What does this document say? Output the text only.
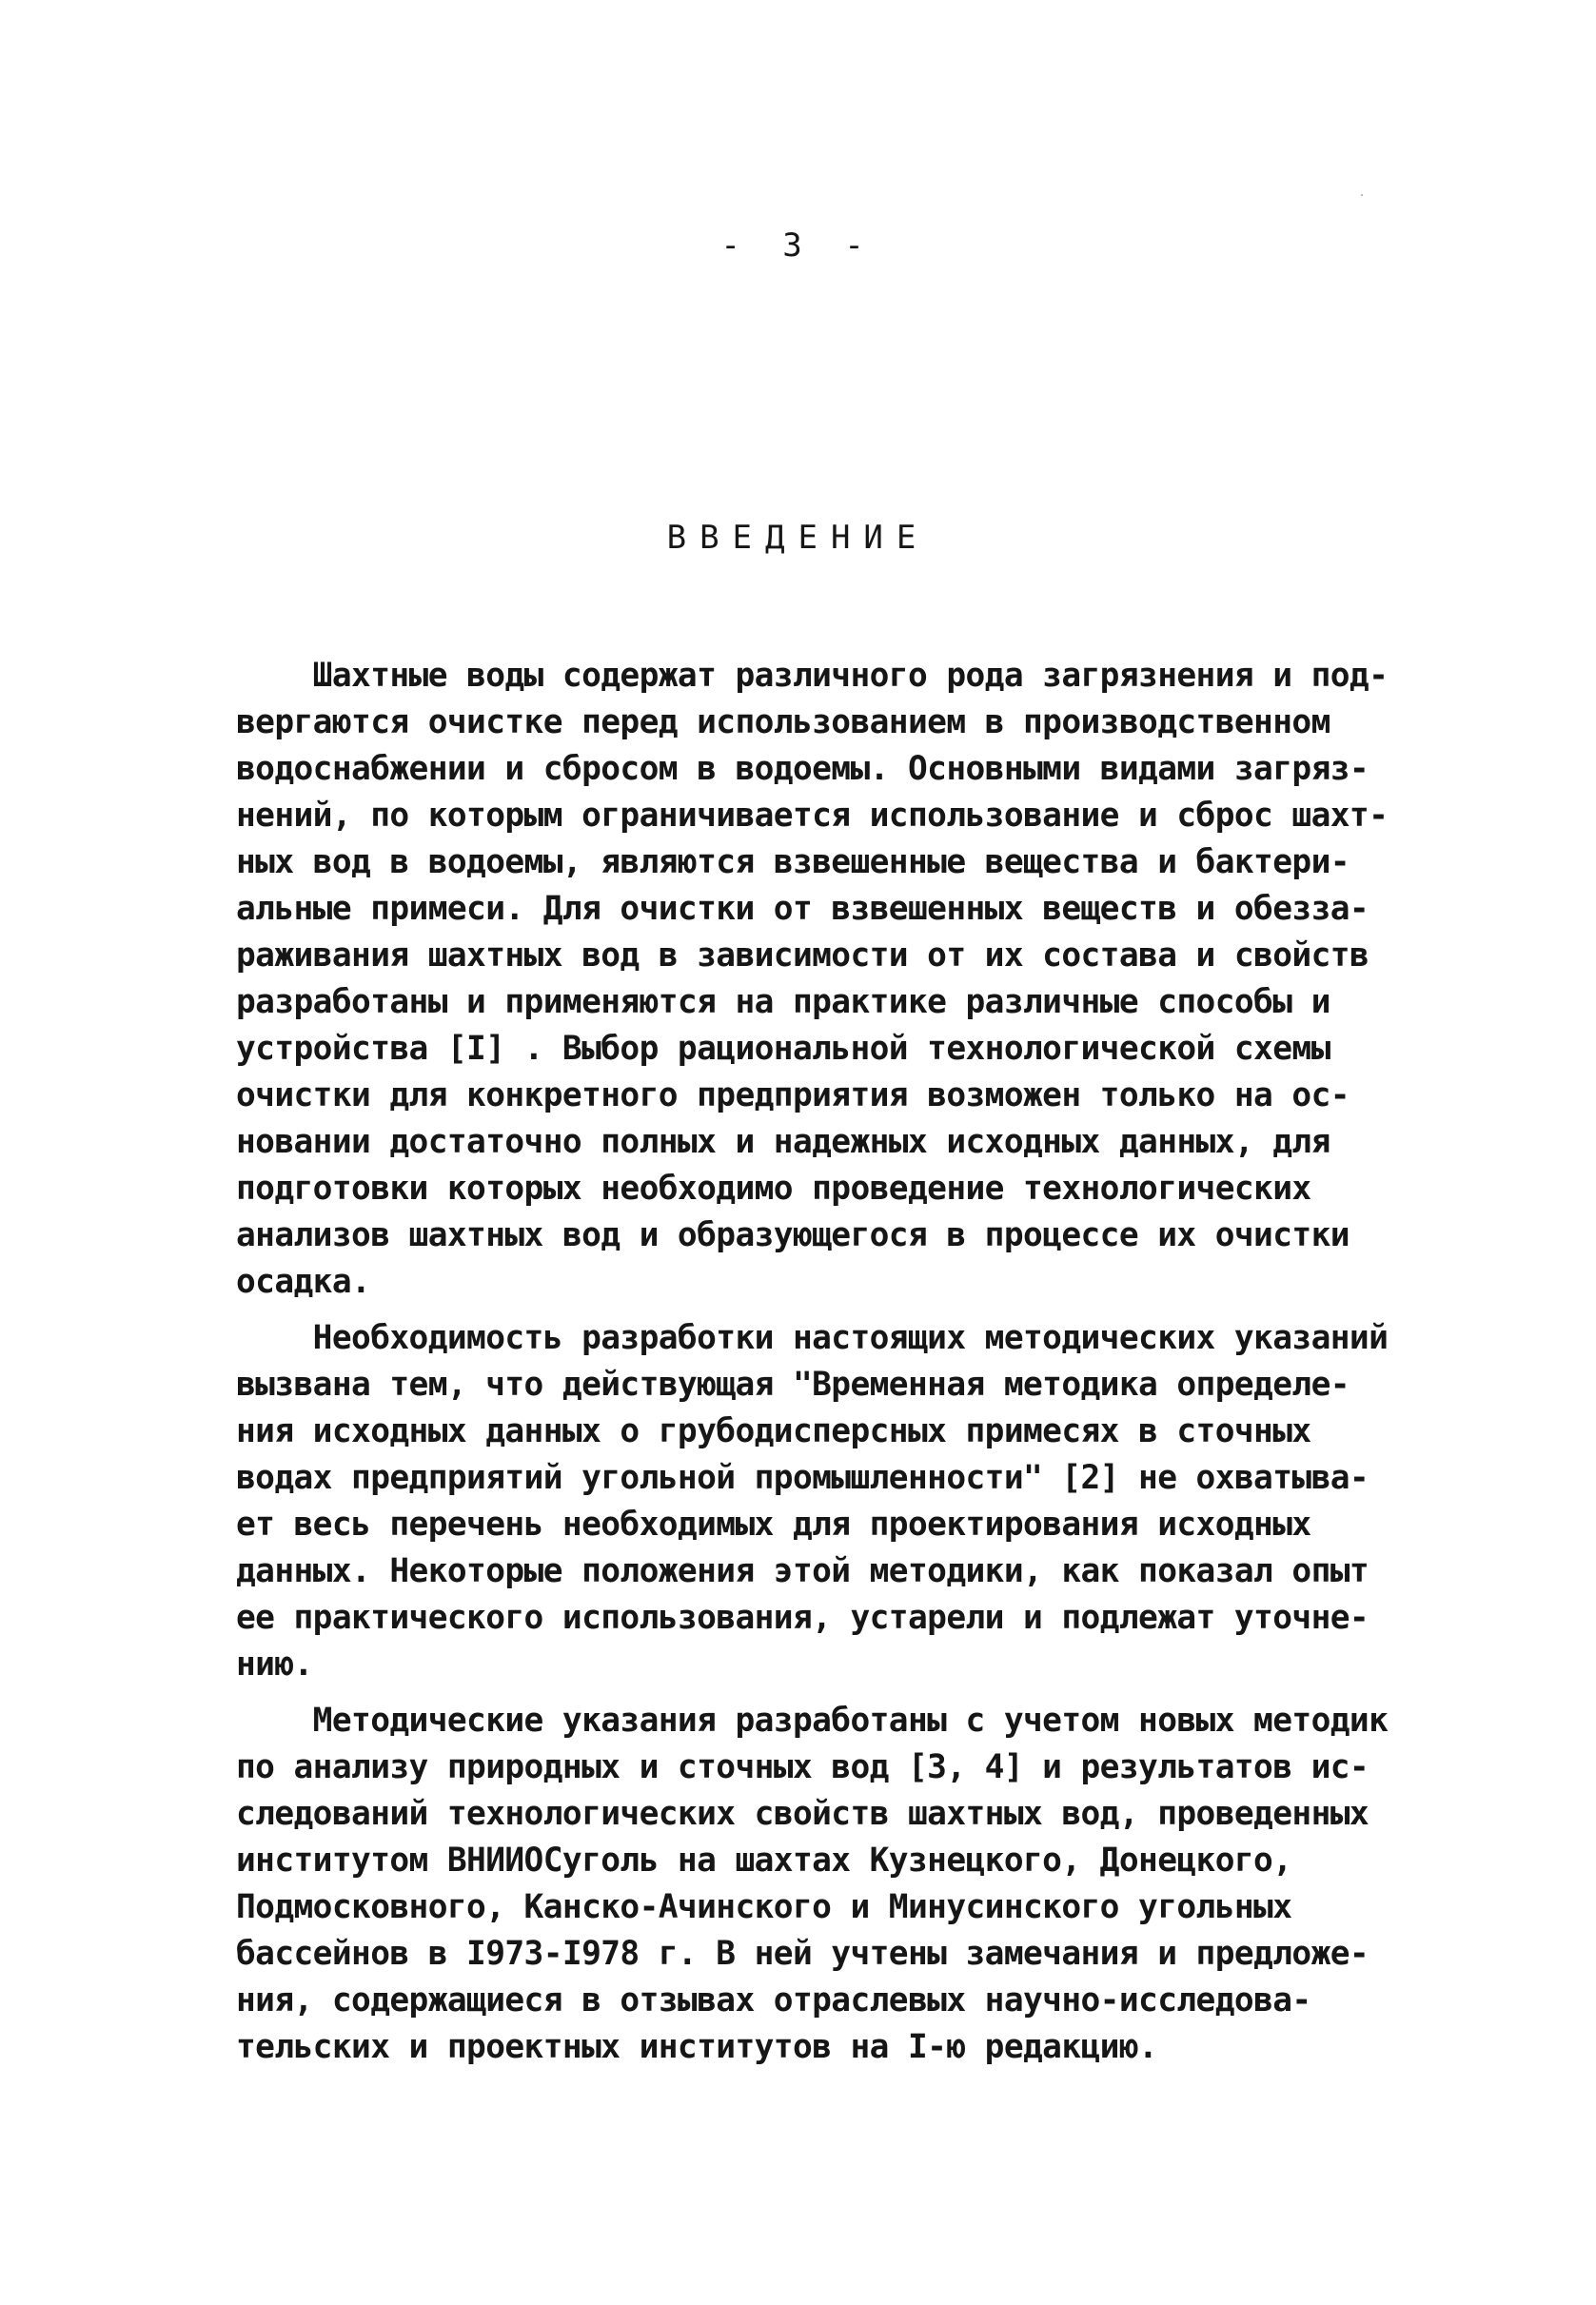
- 3 -
ВВЕДЕНИЕ
Шахтные воды содержат различного рода загрязнения и под-
вергаются очистке перед использованием в производственном
водоснабжении и сбросом в водоемы. Основными видами загряз-
нений, по которым ограничивается использование и сброс шахт-
ных вод в водоемы, являются взвешенные вещества и бактери-
альные примеси. Для очистки от взвешенных веществ и обезза-
раживания шахтных вод в зависимости от их состава и свойств
разработаны и применяются на практике различные способы и
устройства [I] . Выбор рациональной технологической схемы
очистки для конкретного предприятия возможен только на ос-
новании достаточно полных и надежных исходных данных, для
подготовки которых необходимо проведение технологических
анализов шахтных вод и образующегося в процессе их очистки
осадка.
Необходимость разработки настоящих методических указаний
вызвана тем, что действующая "Временная методика определе-
ния исходных данных о грубодисперсных примесях в сточных
водах предприятий угольной промышленности" [2] не охватыва-
ет весь перечень необходимых для проектирования исходных
данных. Некоторые положения этой методики, как показал опыт
ее практического использования, устарели и подлежат уточне-
нию.
Методические указания разработаны с учетом новых методик
по анализу природных и сточных вод [3, 4] и результатов ис-
следований технологических свойств шахтных вод, проведенных
институтом ВНИИОСуголь на шахтах Кузнецкого, Донецкого,
Подмосковного, Канско-Ачинского и Минусинского угольных
бассейнов в I973-I978 г. В ней учтены замечания и предложе-
ния, содержащиеся в отзывах отраслевых научно-исследова-
тельских и проектных институтов на I-ю редакцию.
